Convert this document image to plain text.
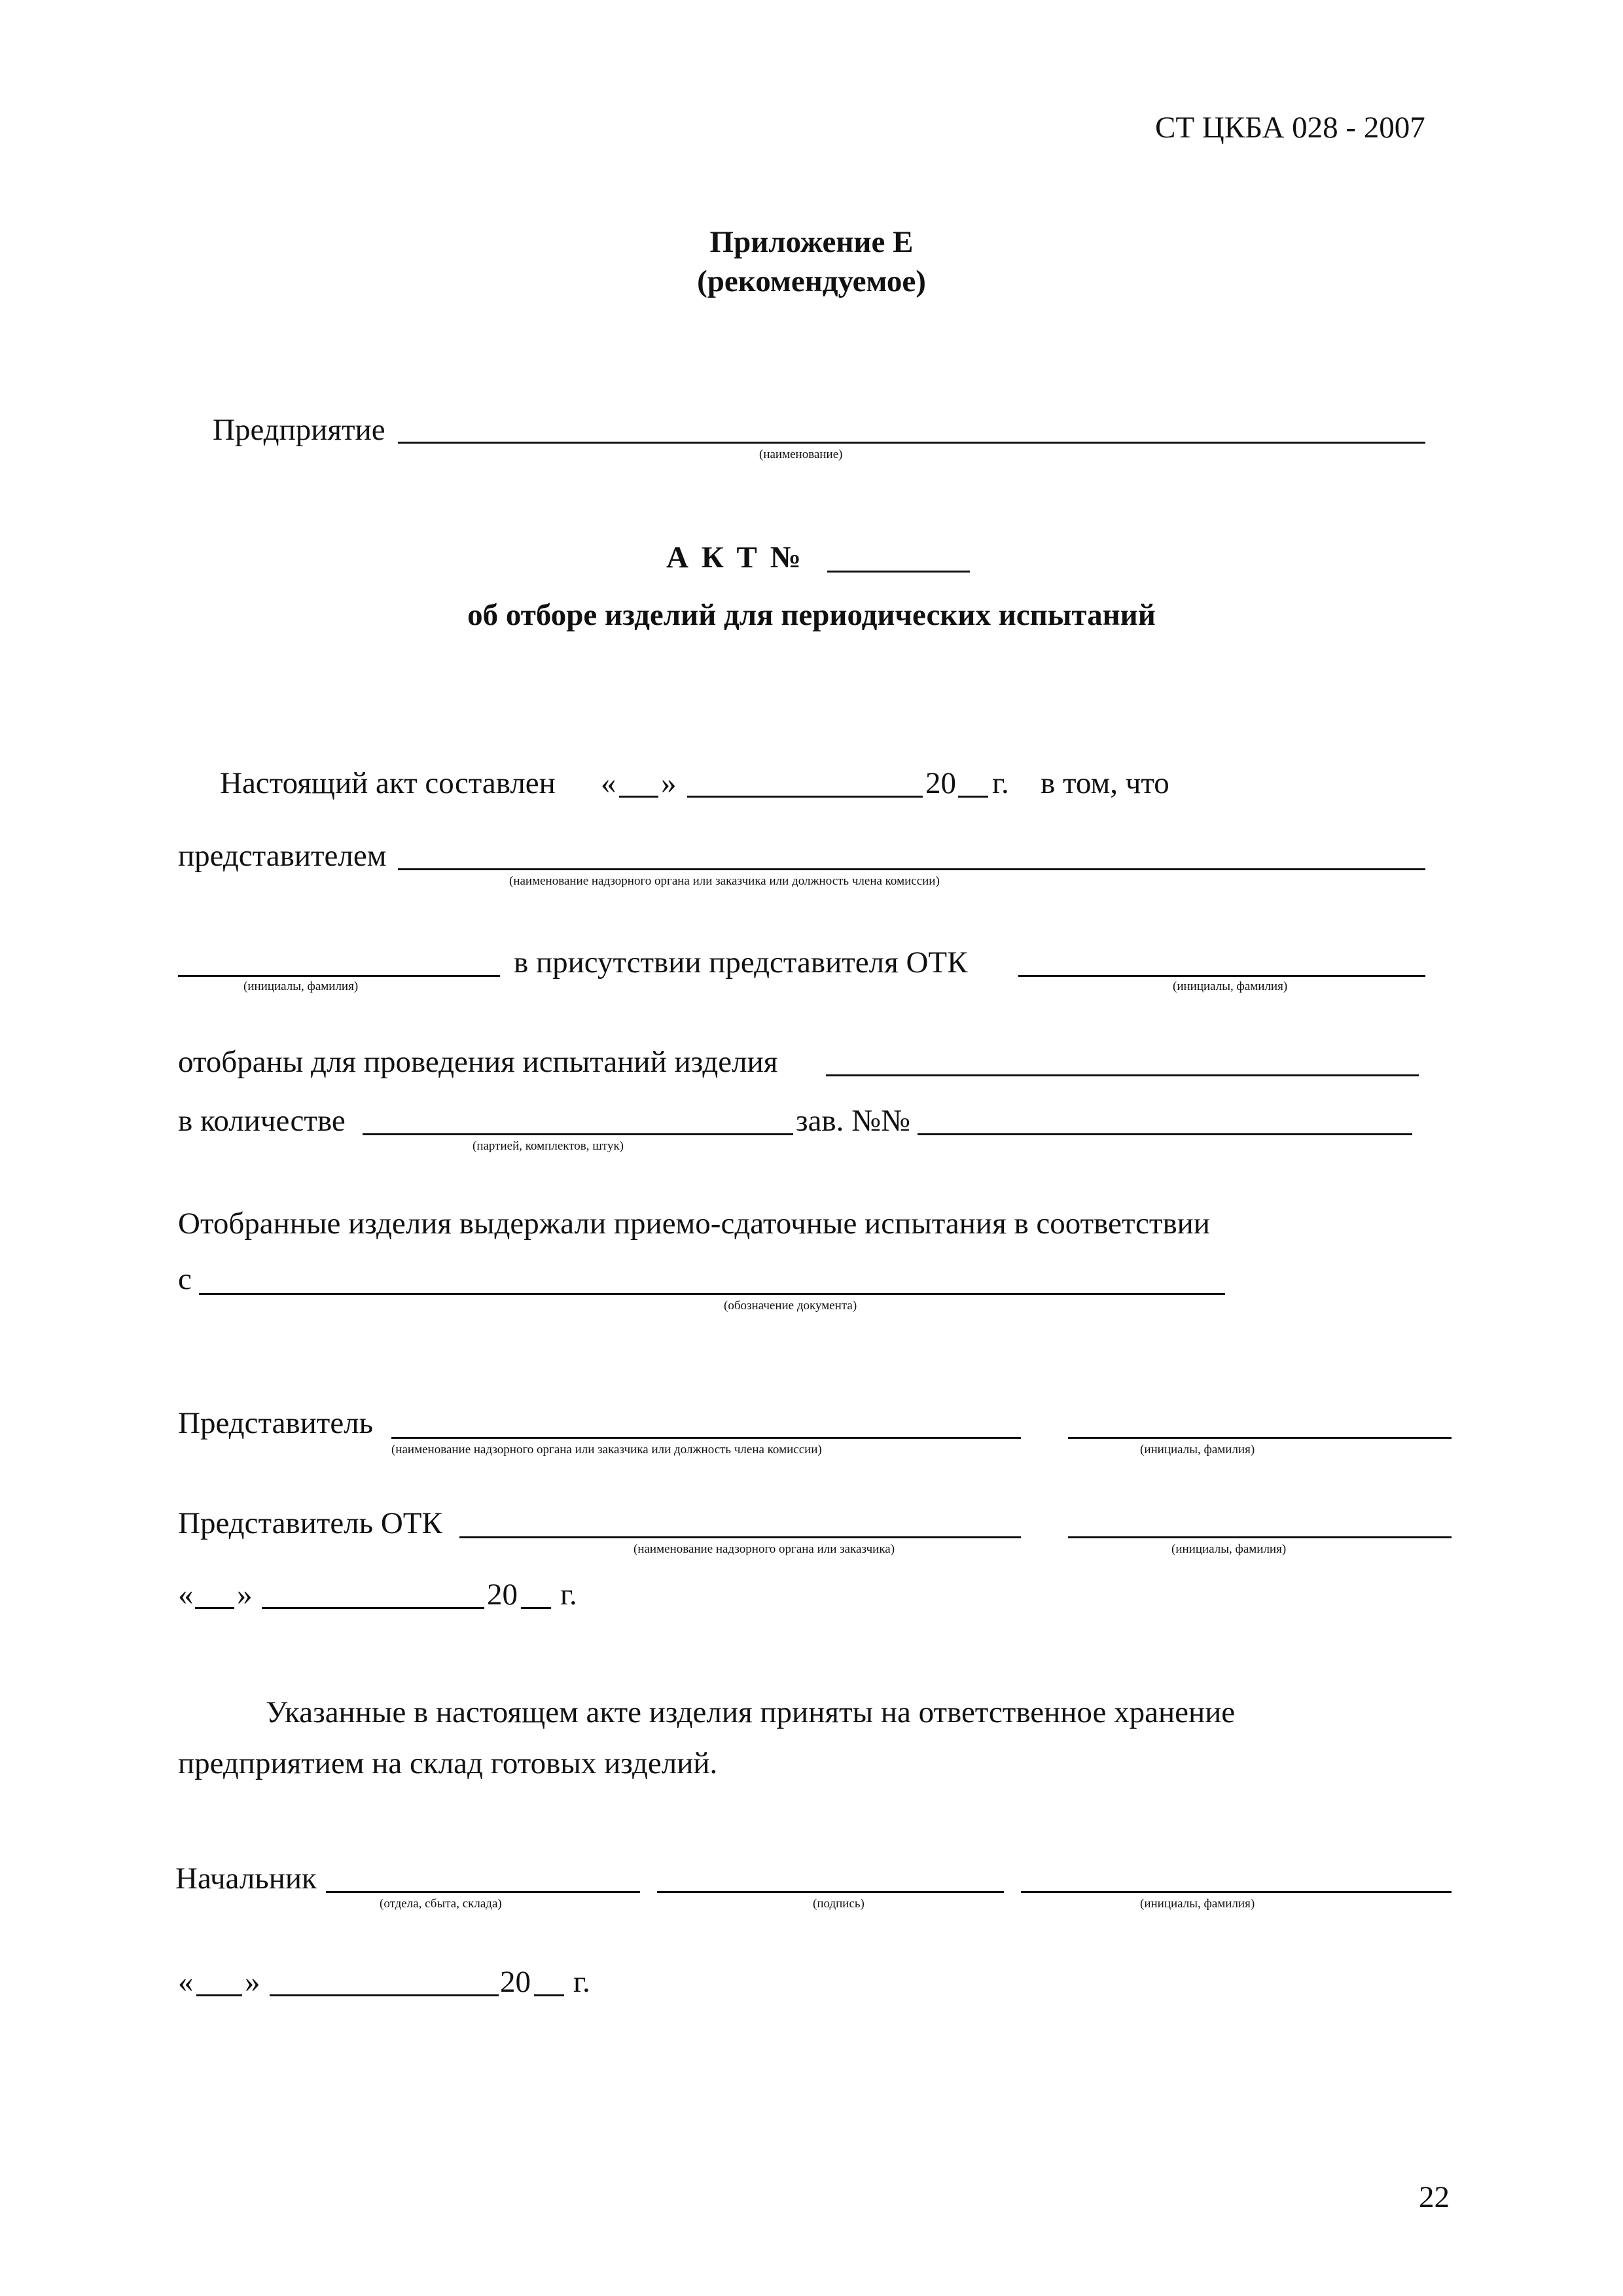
СТ ЦКБА 028 - 2007
Приложение Е
(рекомендуемое)
Предприятие
(наименование)
А К Т №
об отборе изделий для периодических испытаний
Настоящий акт составлен « »	20 г. в том, что
представителем
(наименование надзорного органа или заказчика или должность члена комиссии)
(инициалы, фамилия)
в присутствии представителя ОТК
(инициалы, фамилия)
отобраны для проведения испытаний изделия
в количестве
(партией, комплектов, штук)
зав. №№
Отобранные изделия выдержали приемо-сдаточные испытания в соответствии
с
(обозначение документа)
Представитель
(наименование надзорного органа или заказчика или должность члена комиссии)	(инициалы, фамилия)
Представитель ОТК
(наименование надзорного органа или заказчика)	(инициалы, фамилия)
« »	20 г.
Указанные в настоящем акте изделия приняты на ответственное хранение
предприятием на склад готовых изделий.
Начальник
(отдела, сбыта, склада)	(подпись)	(инициалы, фамилия)
« »	20 г.
22
